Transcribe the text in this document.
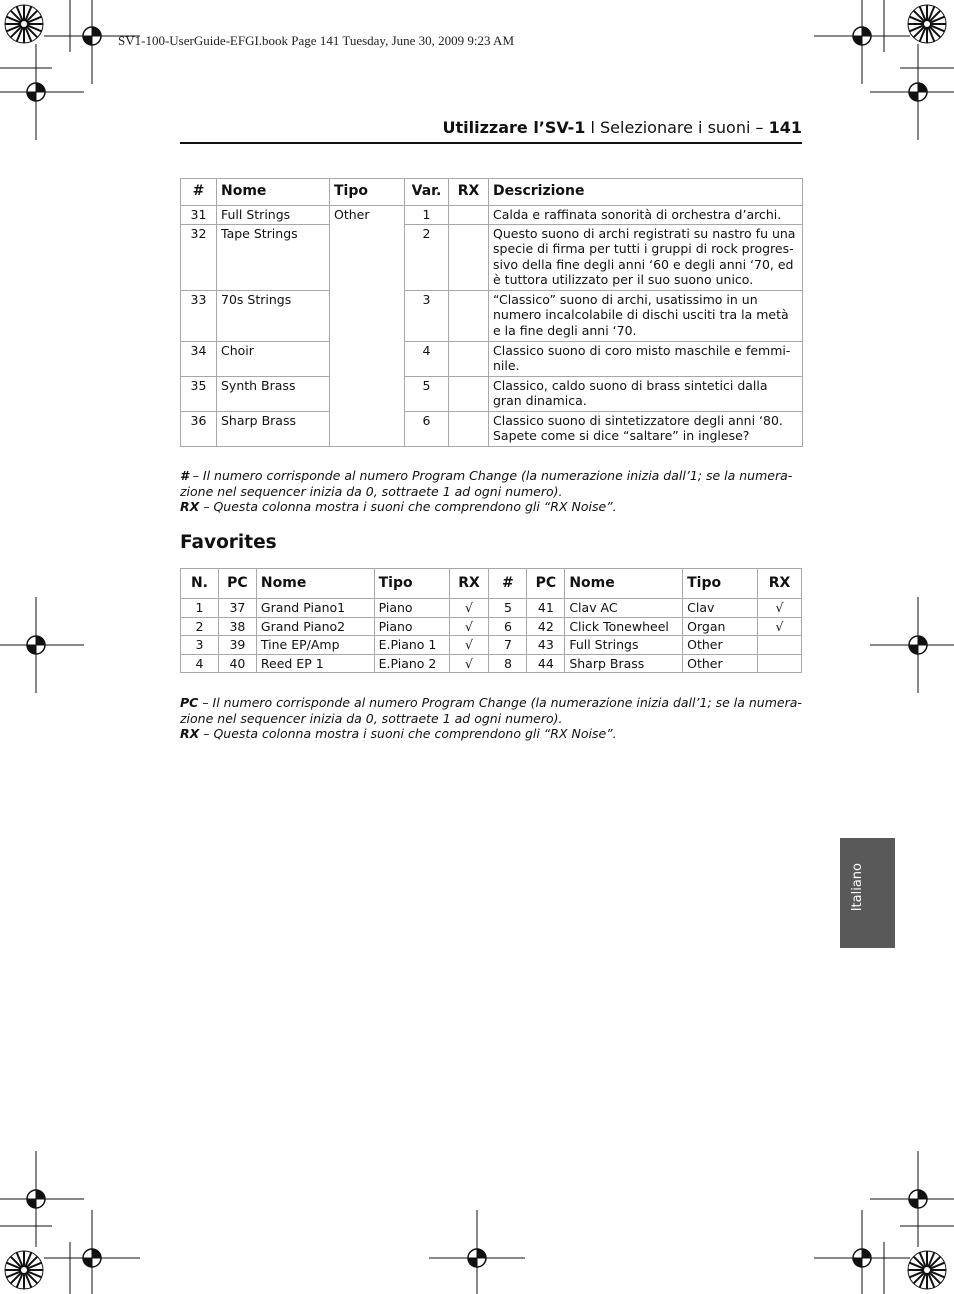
SV1-100-UserGuide-EFGI.book Page 141 Tuesday, June 30, 2009 9:23 AM
Utilizzare l’SV-1 l Selezionare i suoni – 141
#	Nome	Tipo	Var.	RX	Descrizione
31	Full Strings	Other	1		Calda e raffinata sonorità di orchestra d’archi.
32	Tape Strings		2		Questo suono di archi registrati su nastro fu una specie di firma per tutti i gruppi di rock progres-sivo della fine degli anni ‘60 e degli anni ‘70, ed è tuttora utilizzato per il suo suono unico.
33	70s Strings		3		“Classico” suono di archi, usatissimo in un numero incalcolabile di dischi usciti tra la metà e la fine degli anni ‘70.
34	Choir		4		Classico suono di coro misto maschile e femmi-nile.
35	Synth Brass		5		Classico, caldo suono di brass sintetici dalla gran dinamica.
36	Sharp Brass		6		Classico suono di sintetizzatore degli anni ‘80. Sapete come si dice “saltare” in inglese?
# – Il numero corrisponde al numero Program Change (la numerazione inizia dall’1; se la numera-zione nel sequencer inizia da 0, sottraete 1 ad ogni numero).
RX – Questa colonna mostra i suoni che comprendono gli “RX Noise”.
Favorites
N.	PC	Nome	Tipo	RX	#	PC	Nome	Tipo	RX
1	37	Grand Piano1	Piano	√	5	41	Clav AC	Clav	√
2	38	Grand Piano2	Piano	√	6	42	Click Tonewheel	Organ	√
3	39	Tine EP/Amp	E.Piano 1	√	7	43	Full Strings	Other	
4	40	Reed EP 1	E.Piano 2	√	8	44	Sharp Brass	Other	
PC – Il numero corrisponde al numero Program Change (la numerazione inizia dall’1; se la numera-zione nel sequencer inizia da 0, sottraete 1 ad ogni numero).
RX – Questa colonna mostra i suoni che comprendono gli “RX Noise”.
Italiano
